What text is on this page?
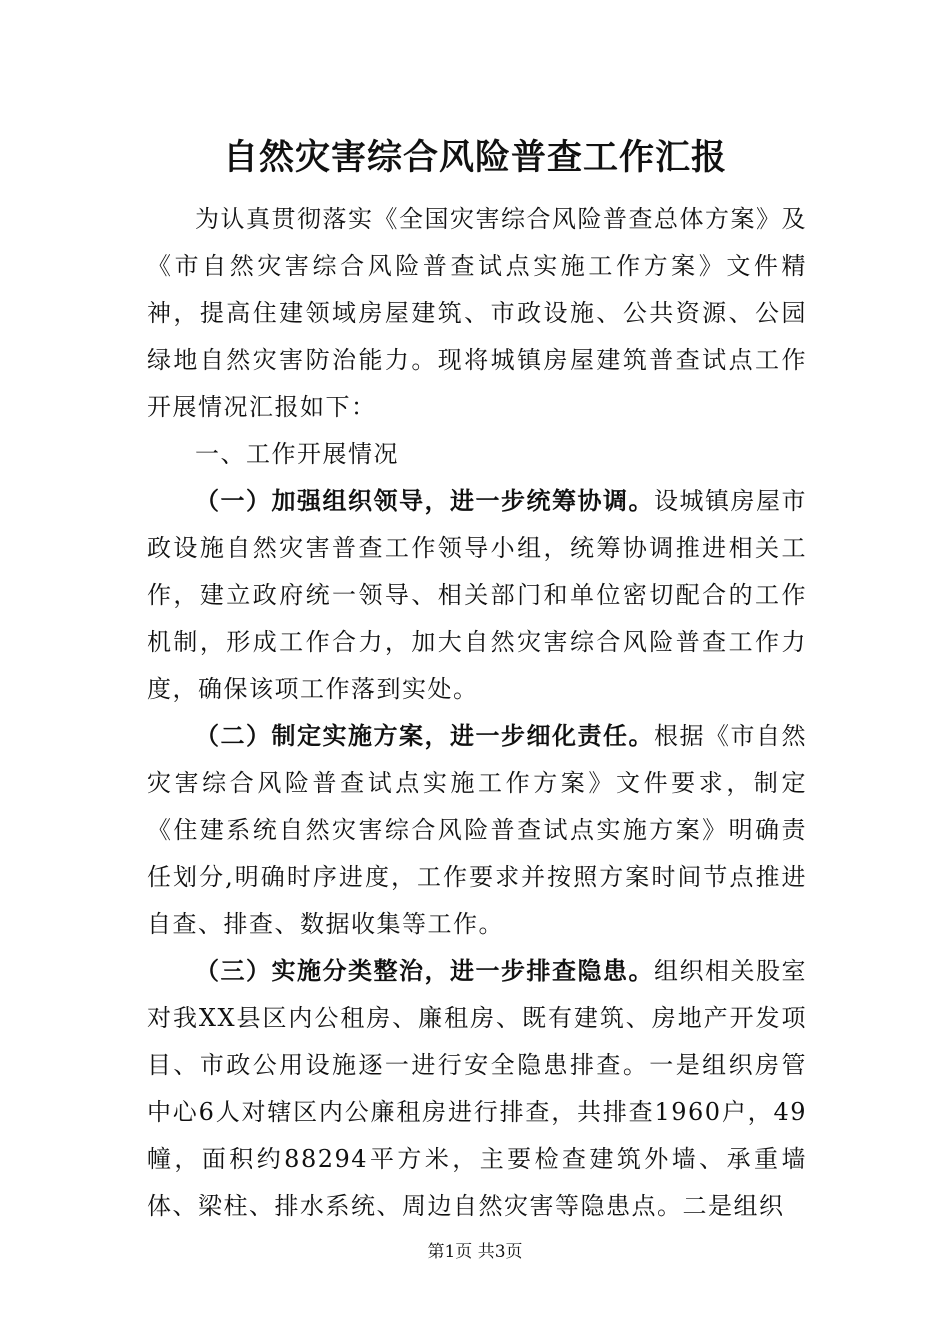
自然灾害综合风险普查工作汇报

为认真贯彻落实《全国灾害综合风险普查总体方案》及《市自然灾害综合风险普查试点实施工作方案》文件精神，提高住建领域房屋建筑、市政设施、公共资源、公园绿地自然灾害防治能力。现将城镇房屋建筑普查试点工作开展情况汇报如下：

一、工作开展情况

（一）加强组织领导，进一步统筹协调。设城镇房屋市政设施自然灾害普查工作领导小组，统筹协调推进相关工作，建立政府统一领导、相关部门和单位密切配合的工作机制，形成工作合力，加大自然灾害综合风险普查工作力度，确保该项工作落到实处。

（二）制定实施方案，进一步细化责任。根据《市自然灾害综合风险普查试点实施工作方案》文件要求，制定《住建系统自然灾害综合风险普查试点实施方案》明确责任划分,明确时序进度，工作要求并按照方案时间节点推进自查、排查、数据收集等工作。

（三）实施分类整治，进一步排查隐患。组织相关股室对我XX县区内公租房、廉租房、既有建筑、房地产开发项目、市政公用设施逐一进行安全隐患排查。一是组织房管中心6人对辖区内公廉租房进行排查，共排查1960户，49幢，面积约88294平方米，主要检查建筑外墙、承重墙体、梁柱、排水系统、周边自然灾害等隐患点。二是组织

第1页 共3页
